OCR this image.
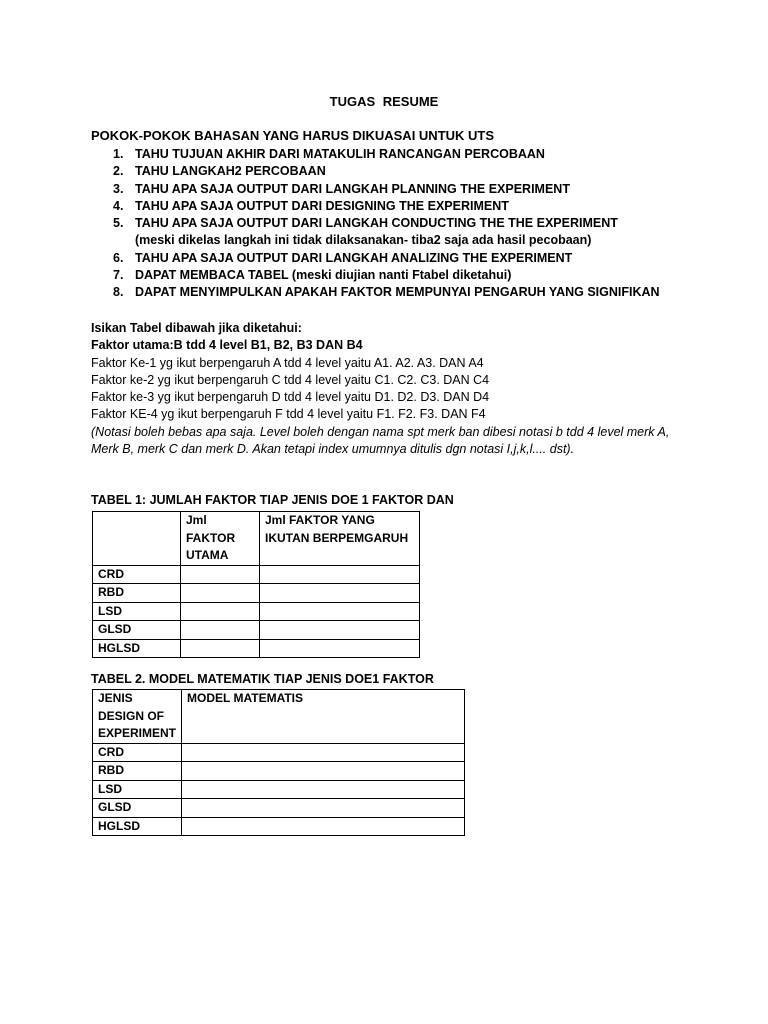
TUGAS RESUME
POKOK-POKOK BAHASAN YANG HARUS DIKUASAI UNTUK UTS
1. TAHU TUJUAN AKHIR DARI MATAKULIH RANCANGAN PERCOBAAN
2. TAHU LANGKAH2 PERCOBAAN
3. TAHU APA SAJA OUTPUT DARI LANGKAH PLANNING THE EXPERIMENT
4. TAHU APA SAJA OUTPUT DARI DESIGNING THE EXPERIMENT
5. TAHU APA SAJA OUTPUT DARI LANGKAH CONDUCTING THE THE EXPERIMENT
(meski dikelas langkah ini tidak dilaksanakan- tiba2 saja ada hasil pecobaan)
6. TAHU APA SAJA OUTPUT DARI LANGKAH ANALIZING THE EXPERIMENT
7. DAPAT MEMBACA TABEL (meski diujian nanti Ftabel diketahui)
8. DAPAT MENYIMPULKAN APAKAH FAKTOR MEMPUNYAI PENGARUH YANG SIGNIFIKAN
Isikan Tabel dibawah jika diketahui:
Faktor utama:B tdd 4 level B1, B2, B3 DAN B4
Faktor Ke-1 yg ikut berpengaruh A tdd 4 level yaitu A1. A2. A3. DAN A4
Faktor ke-2 yg ikut berpengaruh C tdd 4 level yaitu C1. C2. C3. DAN C4
Faktor ke-3 yg ikut berpengaruh D tdd 4 level yaitu D1. D2. D3. DAN D4
Faktor KE-4 yg ikut berpengaruh F tdd 4 level yaitu F1. F2. F3. DAN F4
(Notasi boleh bebas apa saja. Level boleh dengan nama spt merk ban dibesi notasi b tdd 4 level merk A,
Merk B, merk C dan merk D. Akan tetapi index umumnya ditulis dgn notasi I,j,k,l.... dst).
TABEL 1: JUMLAH FAKTOR TIAP JENIS DOE 1 FAKTOR DAN
	Jml FAKTOR UTAMA	Jml FAKTOR YANG IKUTAN BERPEMGARUH
CRD		
RBD		
LSD		
GLSD		
HGLSD		
TABEL 2. MODEL MATEMATIK TIAP JENIS DOE1 FAKTOR
JENIS DESIGN OF EXPERIMENT	MODEL MATEMATIS
CRD	
RBD	
LSD	
GLSD	
HGLSD	
